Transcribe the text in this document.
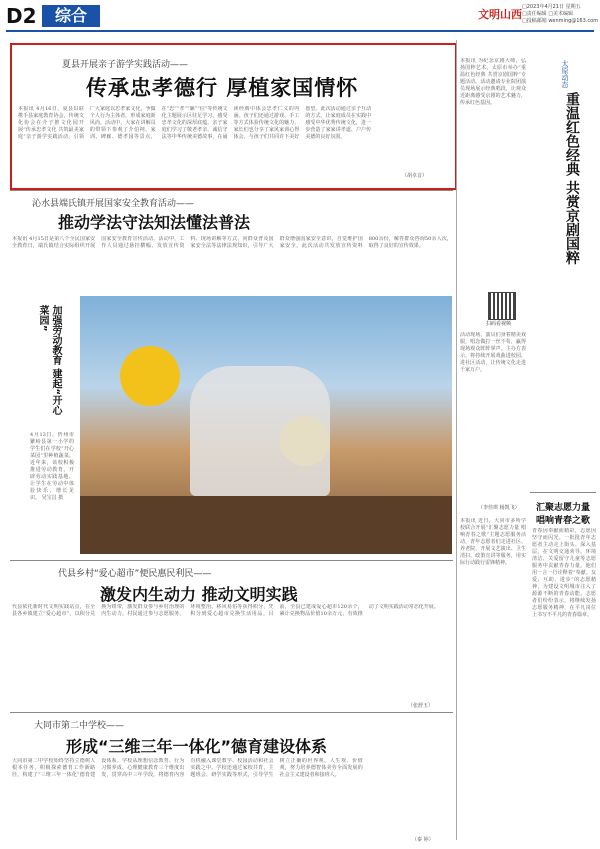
D2	综合	文明山西
□2023年4月21日 星期五
□责任编辑 □美术编辑
□投稿邮箱 wenming@163.com
夏县开展亲子游学实践活动——
传承忠孝德行 厚植家国情怀
本报讯 4月16日，夏县妇联携手县家庭教育协会，传统文化协会在介子推文化园开展“传承忠孝文化 共筑最美家庭”亲子游学实践活动，引领广大家庭以忠孝家文化，争做个人行为主体者，形成家庭新风尚。活动中，大家在讲解员的带领下参观了介伯祠、家训、碑廊、德孝园等景点，在“忠”“孝”“廉”“信”等传统文化主题展示区驻足学习，感受忠孝文化的深厚底蕴。亲子家庭们学习了敬老孝亲、诚信守法等中华传统美德故事，在诵读经典中体会忠孝仁义的内涵。孩子们还通过游戏、手工等方式体验传统文化的魅力，家长们也分享了家风家训心得体会，与孩子们共同许下美好愿望。此次活动通过亲子互动的方式，让家庭成员在实践中感受中华优秀传统文化，进一步营造了家家讲孝道、户户传美德的良好氛围。
（胡卓音）
本报讯 为纪念京剧大师，弘扬国粹艺术，太原市举办“重温红色经典 共赏京剧国粹”专题活动。活动邀请专业院团演员现场展示经典唱段，让观众近距离感受京剧的艺术魅力，传承红色基因。
扫码看视频
活动现场，演员们身着精美戏服，唱念做打一丝不苟，赢得现场观众阵阵掌声。主办方表示，将持续开展戏曲进校园、进社区活动，让传统文化走进千家万户。
（李佳琪 杨凯飞）
本报讯 近日，大同市多所学校联合开展“汇聚志愿力量 唱响青春之歌”主题志愿服务活动，青年志愿者们走进社区、养老院，开展文艺演出、卫生清扫、政策宣讲等服务，用实际行动践行雷锋精神。
太原动态
重温红色经典 共赏京剧国粹
汇聚志愿力量
唱响青春之歌
青春因奉献而精彩，志愿因坚守而闪光。一批批青年志愿者主动走上街头、深入基层，在文明交通劝导、环境清洁、关爱留守儿童等志愿服务中贡献青春力量。他们用一言一行诠释着“奉献、友爱、互助、进步”的志愿精神，为建设文明城市注入了源源不断的青春动能。志愿者们纷纷表示，将继续发扬志愿服务精神，在平凡岗位上书写不平凡的青春篇章。
沁水县端氏镇开展国家安全教育活动——
推动学法守法知法懂法普法
本报讯 4月15日是第八个全民国家安全教育日，端氏镇结合实际组织开展国家安全教育宣传活动。活动中，工作人员通过悬挂横幅、发放宣传资料、现场讲解等方式，向群众普及国家安全法等法律法规知识，引导广大群众增强国家安全意识，自觉维护国家安全。此次活动共发放宣传资料800余份，解答群众咨询50余人次，取得了良好的宣传效果。
加强劳动教育 建起“开心菜园”
4月13日，忻州市繁峙县第一小学的学生们在学校“开心菜园”里种植蔬菜。近年来，该校积极推进劳动教育，开辟劳动实践基地，让学生在劳动中体验快乐、增长见识。 吴宝昌 摄
代县乡村“爱心超市”便民惠民利民——
激发内生动力 推动文明实践
代县依托新时代文明实践站点，在全县各乡镇建立“爱心超市”，以积分兑换为纽带，激发群众参与乡村治理的内生动力。村民通过参与志愿服务、环境整治、移风易俗等获得积分，凭积分到爱心超市兑换生活用品。目前，全县已建成爱心超市120余个，累计兑换物品价值10余万元，有效推动了文明实践活动常态化开展。
（张舒玉）
大同市第二中学校——
形成“三维三年一体化”德育建设体系
大同市第二中学校始终坚持立德树人根本任务，积极探索德育工作新路径，构建了“三维三年一体化”德育建设体系。学校从理想信念教育、行为习惯养成、心理健康教育三个维度出发，贯穿高中三年学段，将德育内容有机融入课堂教学、校园活动和社会实践之中。学校还通过家校共育、主题班会、研学实践等形式，引导学生树立正确的世界观、人生观、价值观，努力培养德智体美劳全面发展的社会主义建设者和接班人。
（秦 婷）
